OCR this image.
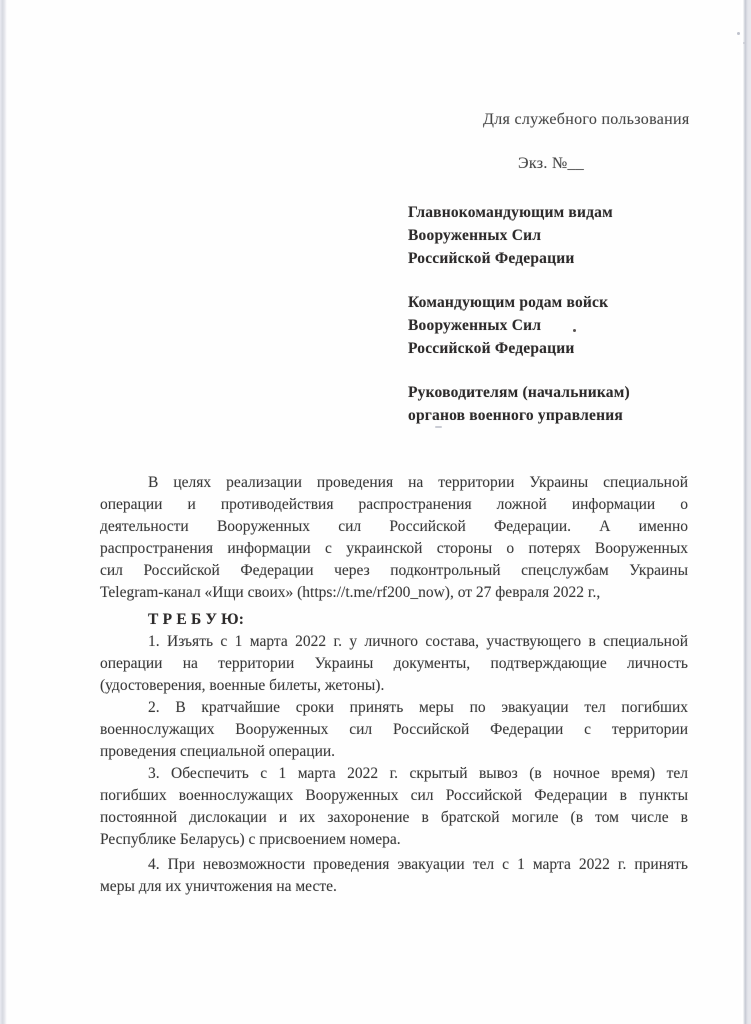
Для служебного пользования
Экз. №__
Главнокомандующим видам
Вооруженных Сил
Российской Федерации
Командующим родам войск
Вооруженных Сил
Российской Федерации
Руководителям (начальникам)
органов военного управления
В целях реализации проведения на территории Украины специальной
операции и противодействия распространения ложной информации о
деятельности Вооруженных сил Российской Федерации. А именно
распространения информации с украинской стороны о потерях Вооруженных
сил Российской Федерации через подконтрольный спецслужбам Украины
Telegram-канал «Ищи своих» (https://t.me/rf200_now), от 27 февраля 2022 г.,
Т Р Е Б У Ю:
1. Изъять с 1 марта 2022 г. у личного состава, участвующего в специальной
операции на территории Украины документы, подтверждающие личность
(удостоверения, военные билеты, жетоны).
2. В кратчайшие сроки принять меры по эвакуации тел погибших
военнослужащих Вооруженных сил Российской Федерации с территории
проведения специальной операции.
3. Обеспечить с 1 марта 2022 г. скрытый вывоз (в ночное время) тел
погибших военнослужащих Вооруженных сил Российской Федерации в пункты
постоянной дислокации и их захоронение в братской могиле (в том числе в
Республике Беларусь) с присвоением номера.
4. При невозможности проведения эвакуации тел с 1 марта 2022 г. принять
меры для их уничтожения на месте.
